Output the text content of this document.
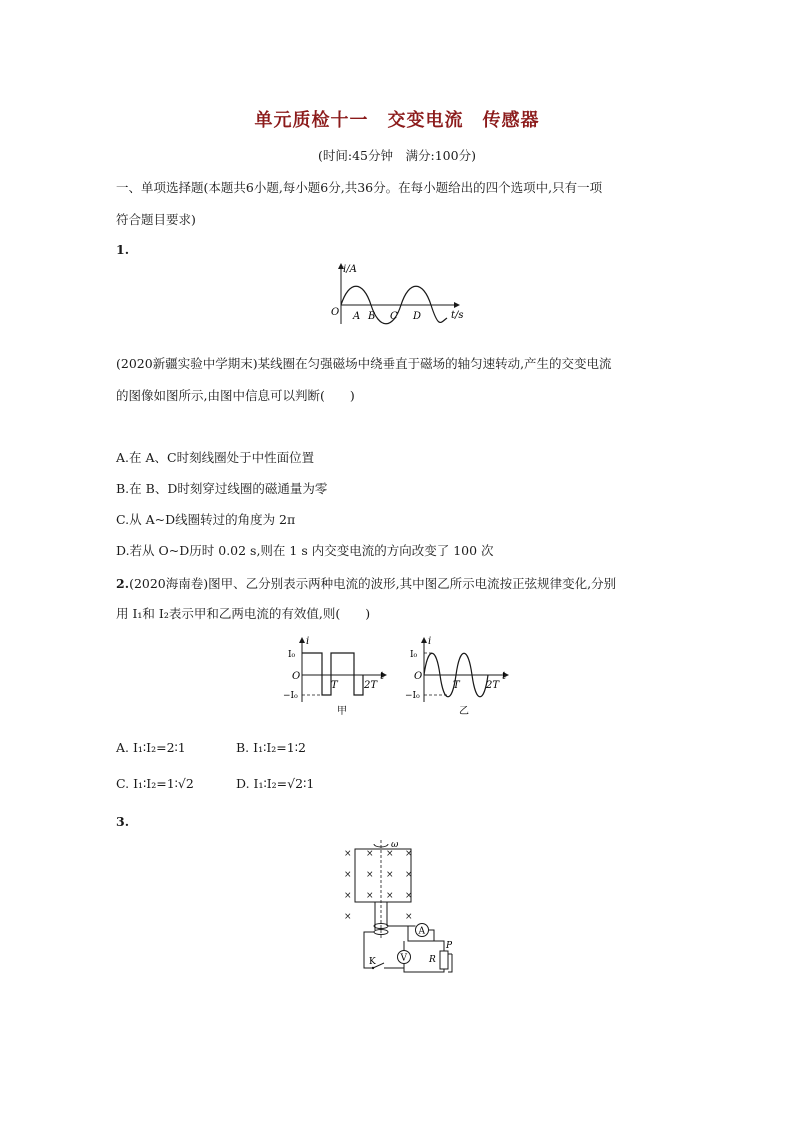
单元质检十一　交变电流　传感器
(时间:45分钟　满分:100分)
一、单项选择题(本题共6小题,每小题6分,共36分。在每小题给出的四个选项中,只有一项
符合题目要求)
1.
i/A
O	t/s
A B C D
(2020新疆实验中学期末)某线圈在匀强磁场中绕垂直于磁场的轴匀速转动,产生的交变电流
的图像如图所示,由图中信息可以判断(　　)
A.在 A、C时刻线圈处于中性面位置
B.在 B、D时刻穿过线圈的磁通量为零
C.从 A~D线圈转过的角度为 2π
D.若从 O~D历时 0.02 s,则在 1 s 内交变电流的方向改变了 100 次
2.(2020海南卷)图甲、乙分别表示两种电流的波形,其中图乙所示电流按正弦规律变化,分别
用 I₁和 I₂表示甲和乙两电流的有效值,则(　　)
i
I₀
O
−I₀
T	2T
t
甲
i
I₀
O
−I₀
T	2T
t
乙
A. I₁∶I₂=2∶1	B. I₁∶I₂=1∶2
C. I₁∶I₂=1∶√2	D. I₁∶I₂=√2∶1
3.
× × × ×
× × × ×
× × × ×
×	×
ω
A
V R
P
K
